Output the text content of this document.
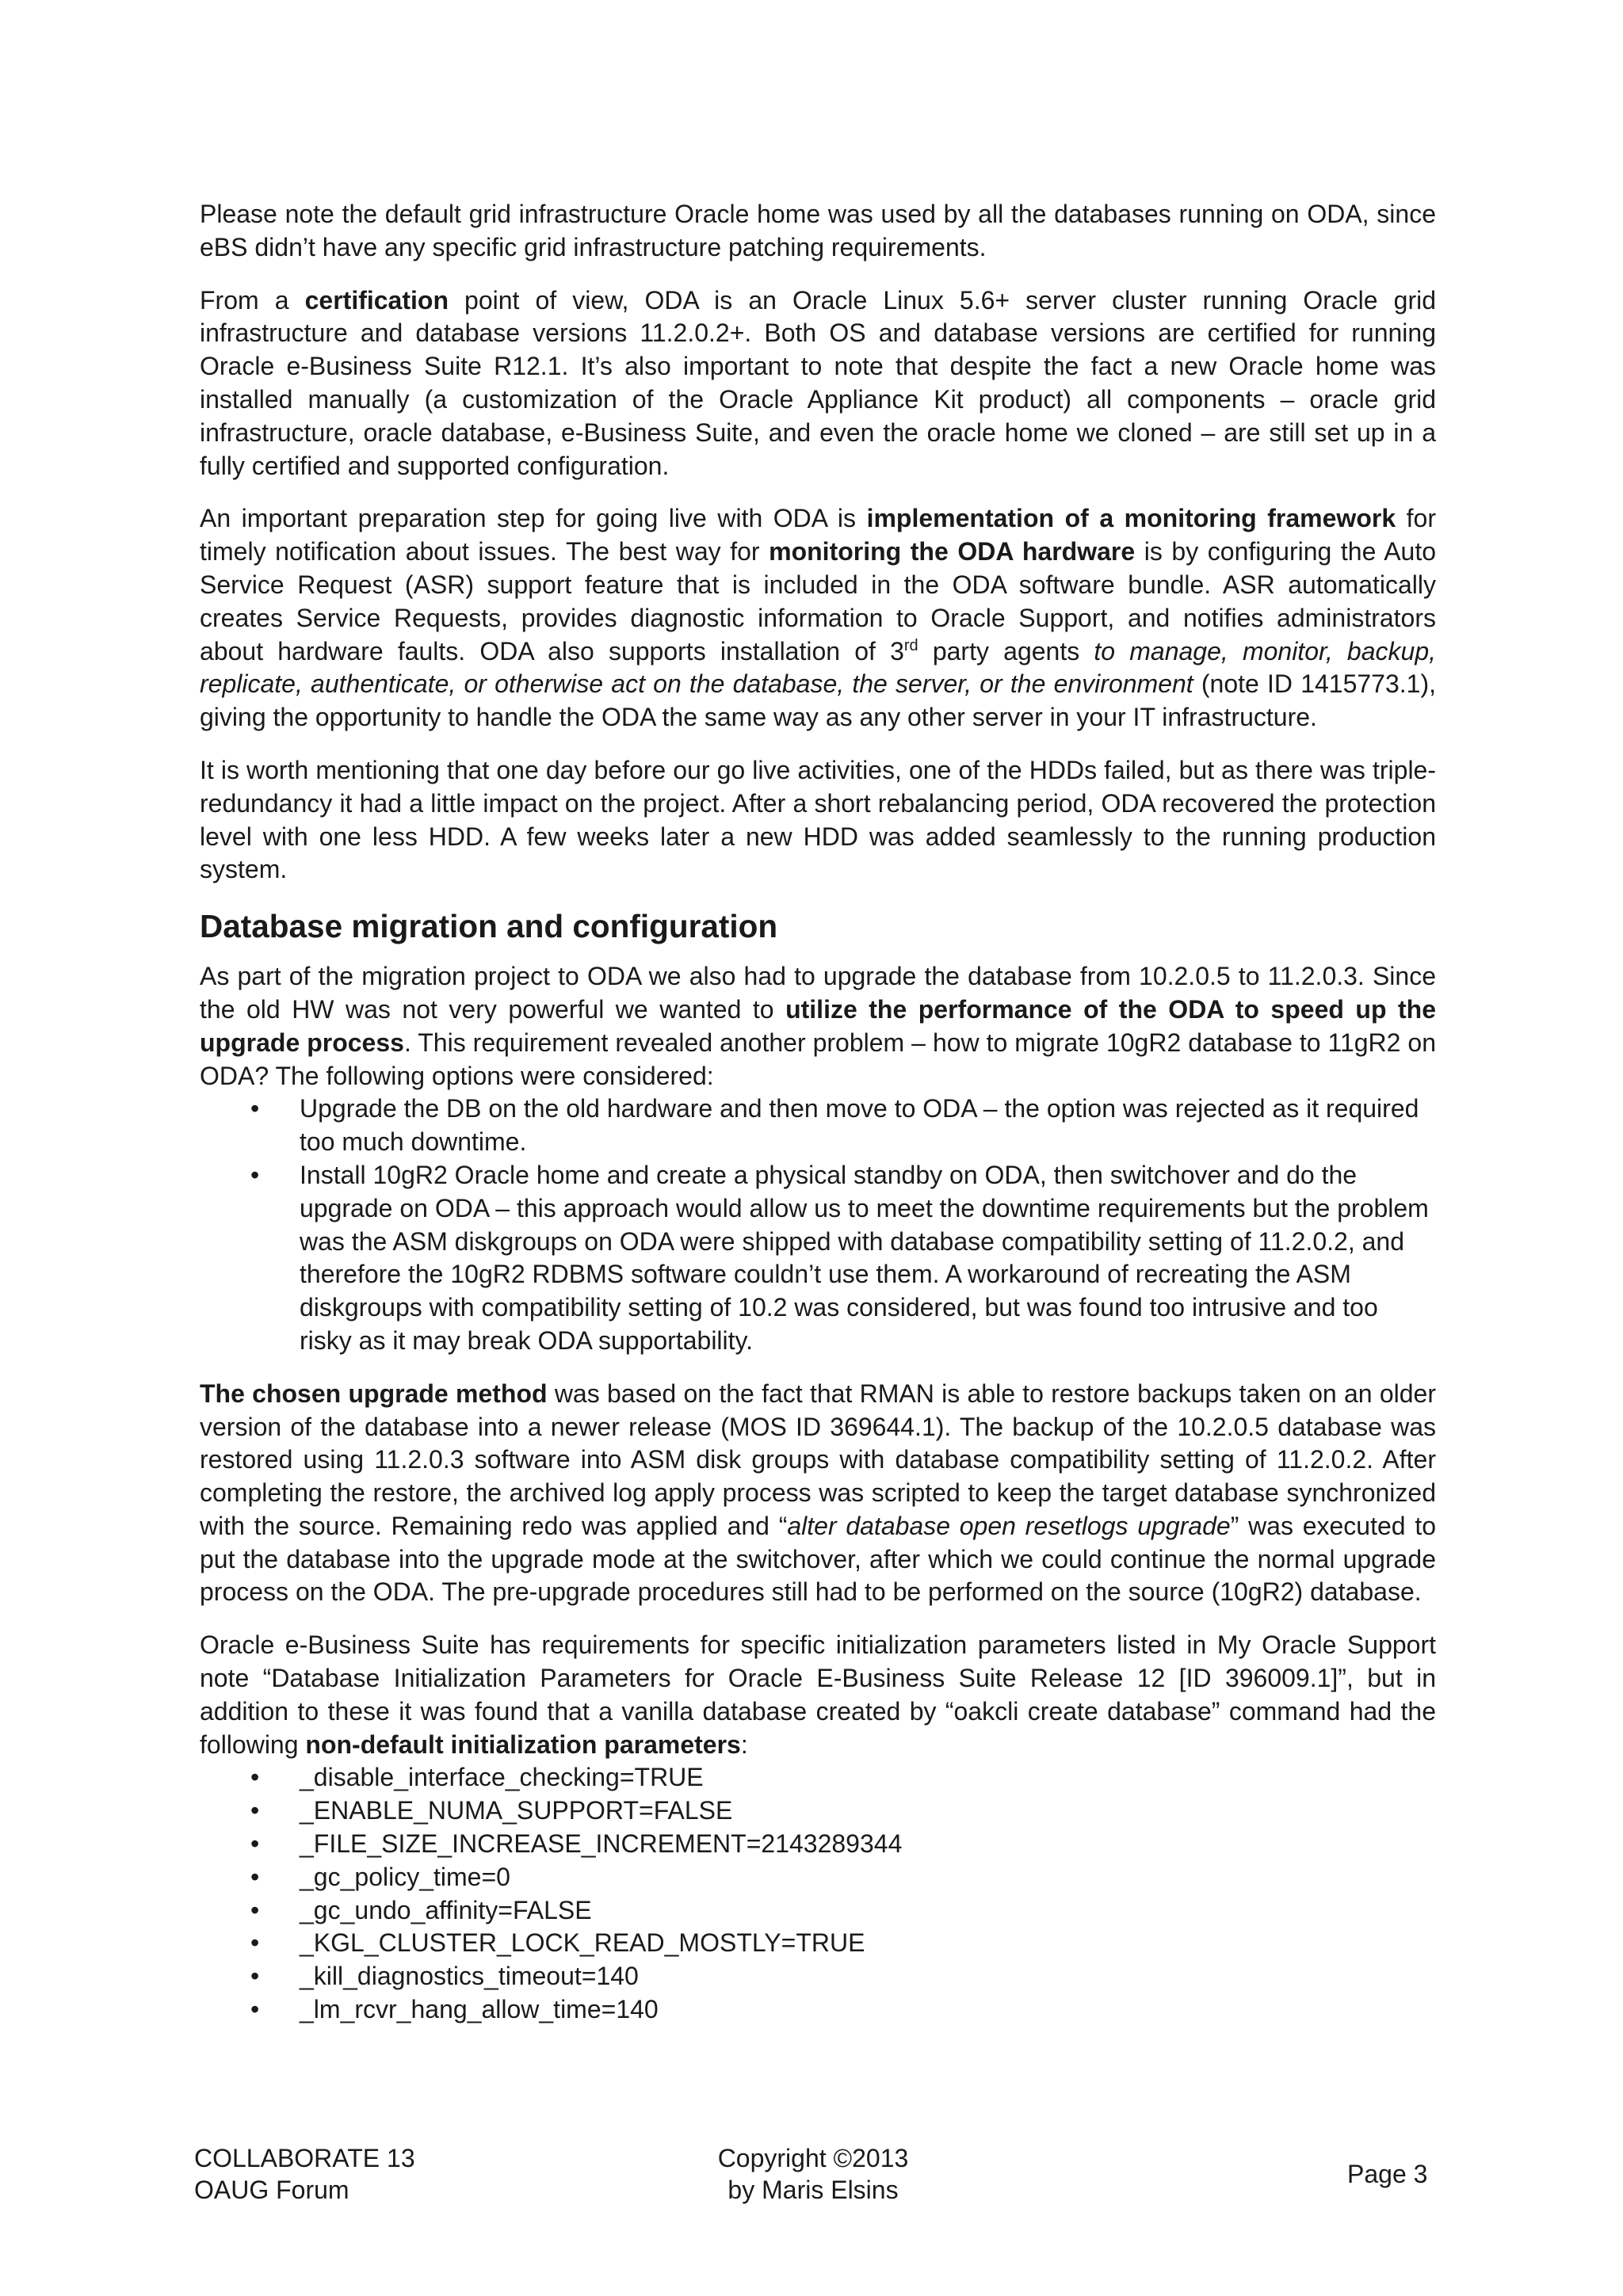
Please note the default grid infrastructure Oracle home was used by all the databases running on ODA, since eBS didn’t have any specific grid infrastructure patching requirements.

From a certification point of view, ODA is an Oracle Linux 5.6+ server cluster running Oracle grid infrastructure and database versions 11.2.0.2+. Both OS and database versions are certified for running Oracle e-Business Suite R12.1. It’s also important to note that despite the fact a new Oracle home was installed manually (a customization of the Oracle Appliance Kit product) all components – oracle grid infrastructure, oracle database, e-Business Suite, and even the oracle home we cloned – are still set up in a fully certified and supported configuration.

An important preparation step for going live with ODA is implementation of a monitoring framework for timely notification about issues. The best way for monitoring the ODA hardware is by configuring the Auto Service Request (ASR) support feature that is included in the ODA software bundle. ASR automatically creates Service Requests, provides diagnostic information to Oracle Support, and notifies administrators about hardware faults. ODA also supports installation of 3rd party agents to manage, monitor, backup, replicate, authenticate, or otherwise act on the database, the server, or the environment (note ID 1415773.1), giving the opportunity to handle the ODA the same way as any other server in your IT infrastructure.

It is worth mentioning that one day before our go live activities, one of the HDDs failed, but as there was triple-redundancy it had a little impact on the project. After a short rebalancing period, ODA recovered the protection level with one less HDD. A few weeks later a new HDD was added seamlessly to the running production system.

Database migration and configuration

As part of the migration project to ODA we also had to upgrade the database from 10.2.0.5 to 11.2.0.3. Since the old HW was not very powerful we wanted to utilize the performance of the ODA to speed up the upgrade process. This requirement revealed another problem – how to migrate 10gR2 database to 11gR2 on ODA? The following options were considered:

• Upgrade the DB on the old hardware and then move to ODA – the option was rejected as it required too much downtime.
• Install 10gR2 Oracle home and create a physical standby on ODA, then switchover and do the upgrade on ODA – this approach would allow us to meet the downtime requirements but the problem was the ASM diskgroups on ODA were shipped with database compatibility setting of 11.2.0.2, and therefore the 10gR2 RDBMS software couldn’t use them. A workaround of recreating the ASM diskgroups with compatibility setting of 10.2 was considered, but was found too intrusive and too risky as it may break ODA supportability.

The chosen upgrade method was based on the fact that RMAN is able to restore backups taken on an older version of the database into a newer release (MOS ID 369644.1). The backup of the 10.2.0.5 database was restored using 11.2.0.3 software into ASM disk groups with database compatibility setting of 11.2.0.2. After completing the restore, the archived log apply process was scripted to keep the target database synchronized with the source. Remaining redo was applied and “alter database open resetlogs upgrade” was executed to put the database into the upgrade mode at the switchover, after which we could continue the normal upgrade process on the ODA. The pre-upgrade procedures still had to be performed on the source (10gR2) database.

Oracle e-Business Suite has requirements for specific initialization parameters listed in My Oracle Support note “Database Initialization Parameters for Oracle E-Business Suite Release 12 [ID 396009.1]”, but in addition to these it was found that a vanilla database created by “oakcli create database” command had the following non-default initialization parameters:

• _disable_interface_checking=TRUE
• _ENABLE_NUMA_SUPPORT=FALSE
• _FILE_SIZE_INCREASE_INCREMENT=2143289344
• _gc_policy_time=0
• _gc_undo_affinity=FALSE
• _KGL_CLUSTER_LOCK_READ_MOSTLY=TRUE
• _kill_diagnostics_timeout=140
• _lm_rcvr_hang_allow_time=140
COLLABORATE 13
OAUG Forum
Copyright ©2013
by Maris Elsins
Page 3
